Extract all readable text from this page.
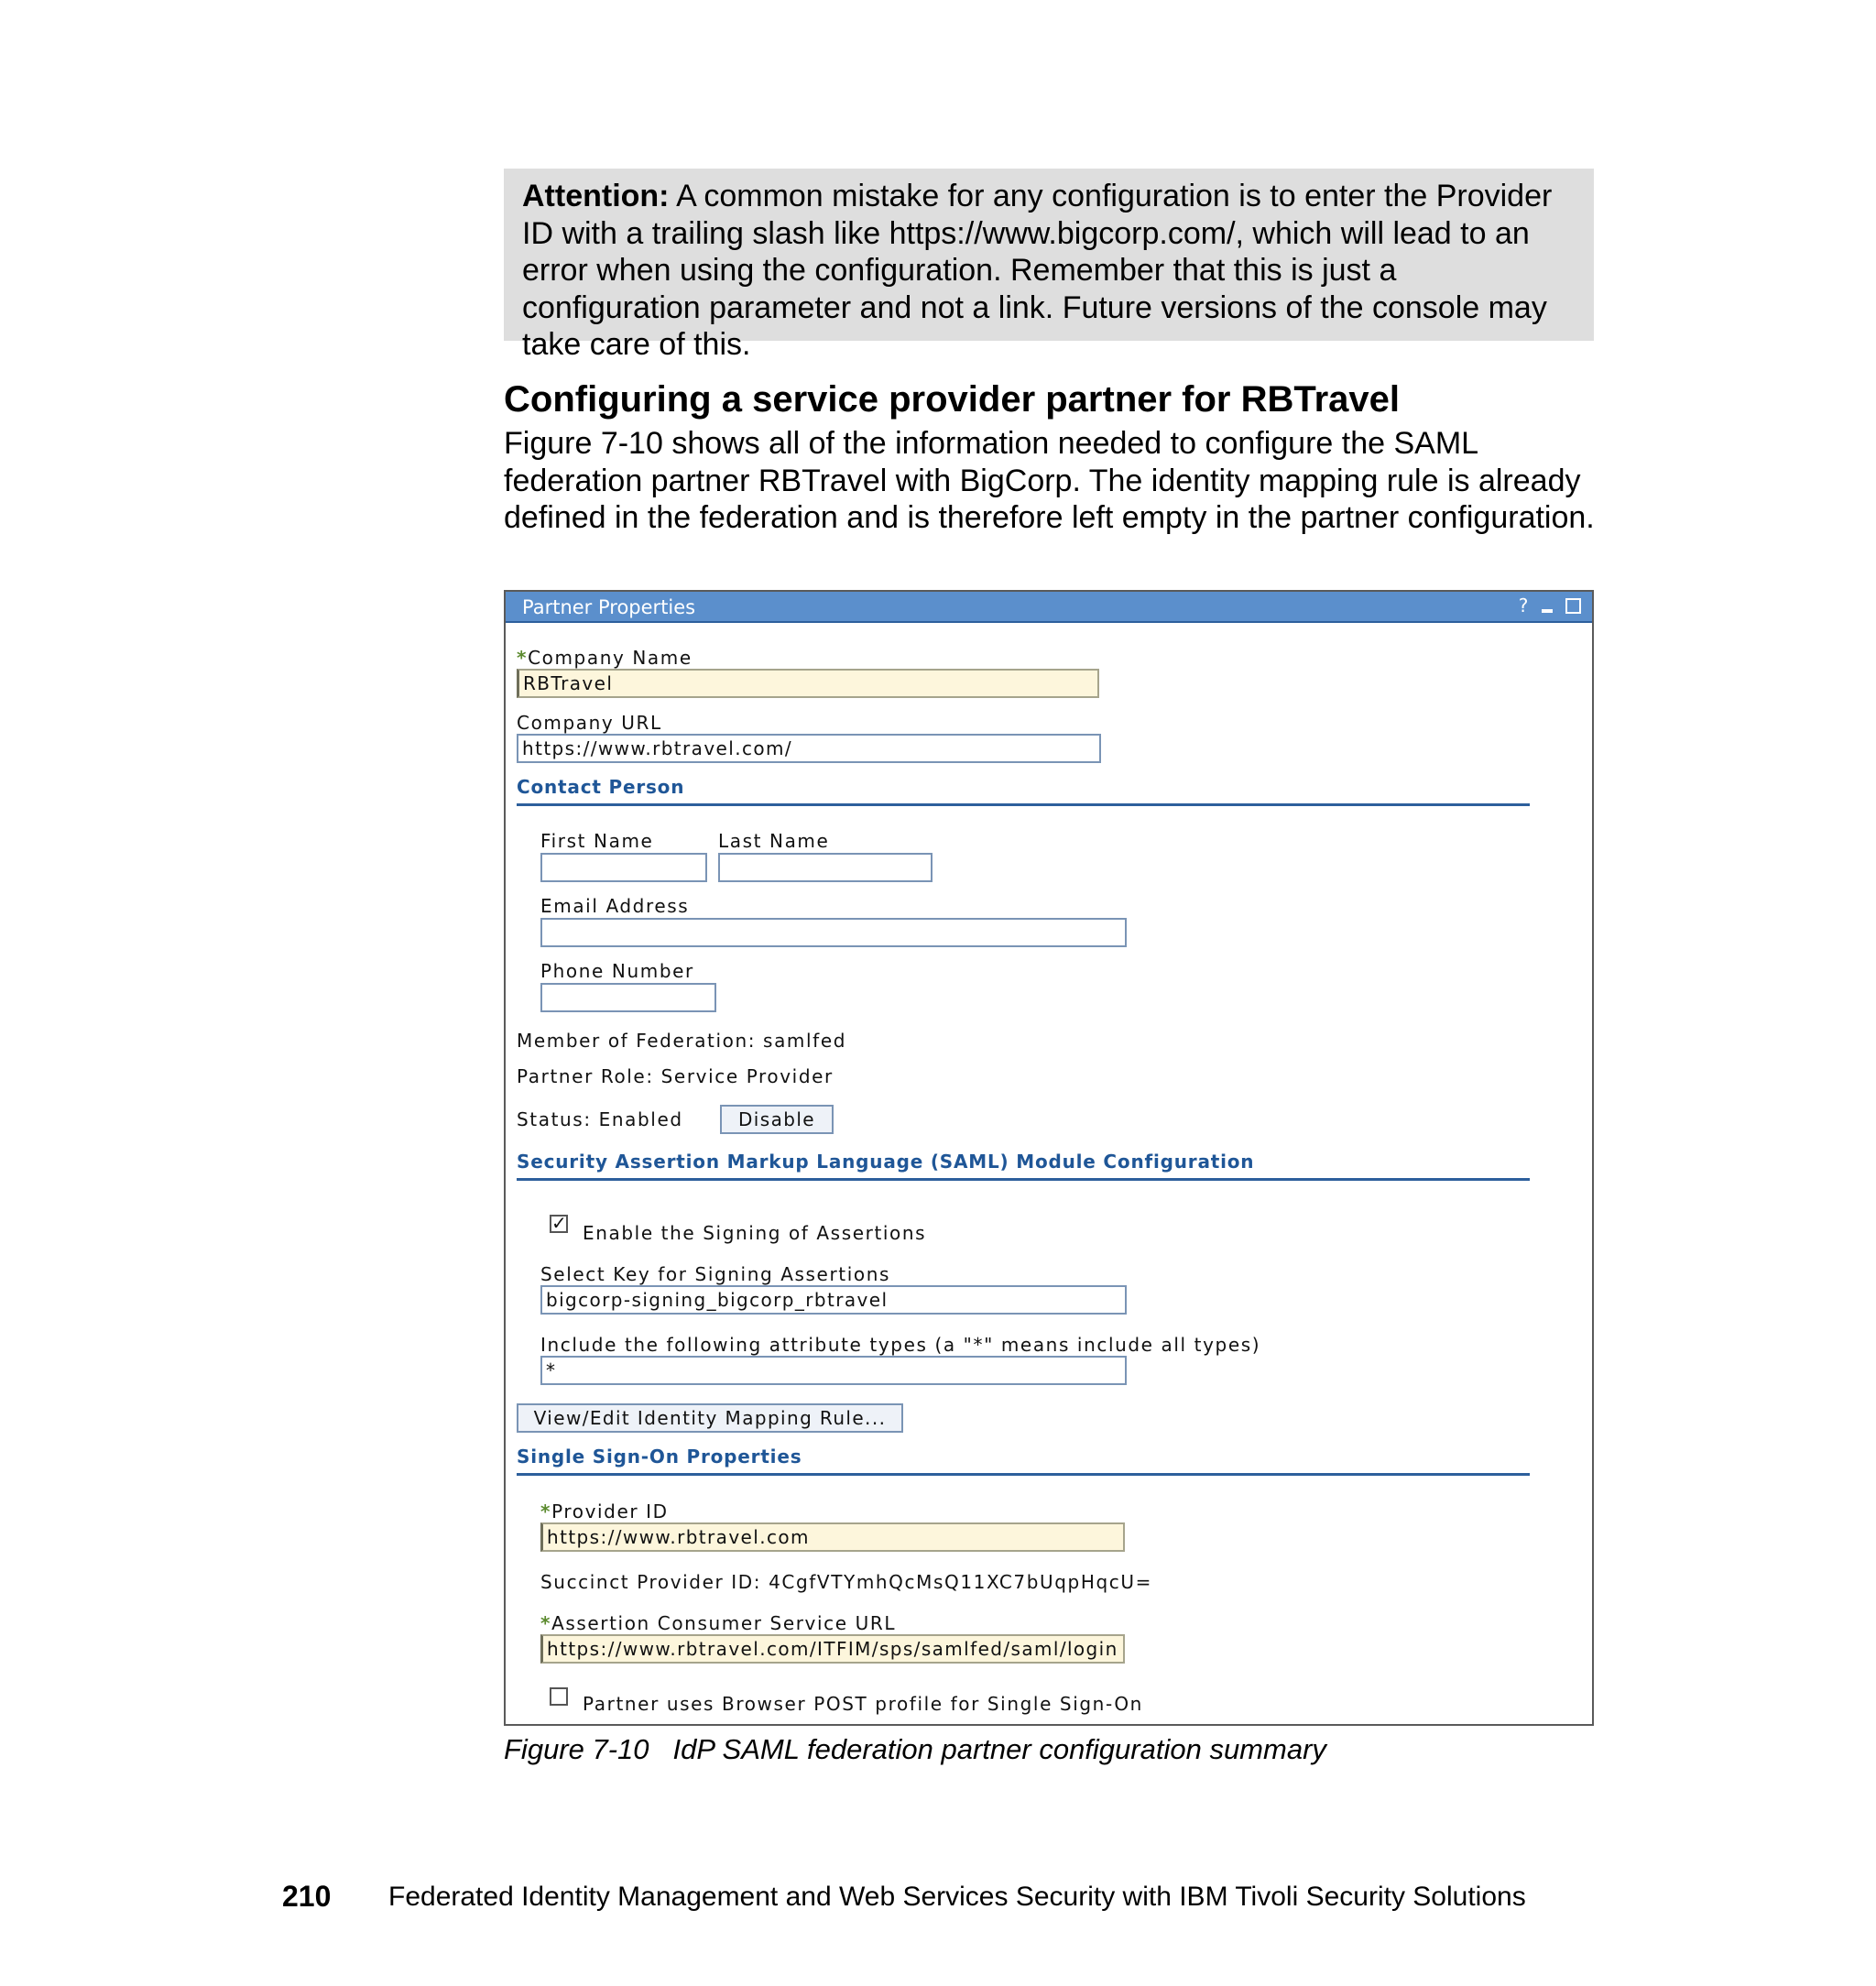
Attention: A common mistake for any configuration is to enter the Provider ID with a trailing slash like https://www.bigcorp.com/, which will lead to an error when using the configuration. Remember that this is just a configuration parameter and not a link. Future versions of the console may take care of this.
Configuring a service provider partner for RBTravel
Figure 7-10 shows all of the information needed to configure the SAML federation partner RBTravel with BigCorp. The identity mapping rule is already defined in the federation and is therefore left empty in the partner configuration.
Partner Properties	?
*Company Name
RBTravel
Company URL
https://www.rbtravel.com/
Contact Person
First Name	Last Name
Email Address
Phone Number
Member of Federation: samlfed
Partner Role: Service Provider
Status: Enabled	Disable
Security Assertion Markup Language (SAML) Module Configuration
✓ Enable the Signing of Assertions
Select Key for Signing Assertions
bigcorp-signing_bigcorp_rbtravel
Include the following attribute types (a "*" means include all types)
*
View/Edit Identity Mapping Rule...
Single Sign-On Properties
*Provider ID
https://www.rbtravel.com
Succinct Provider ID: 4CgfVTYmhQcMsQ11XC7bUqpHqcU=
*Assertion Consumer Service URL
https://www.rbtravel.com/ITFIM/sps/samlfed/saml/login
Partner uses Browser POST profile for Single Sign-On
Figure 7-10 IdP SAML federation partner configuration summary
210 Federated Identity Management and Web Services Security with IBM Tivoli Security Solutions
